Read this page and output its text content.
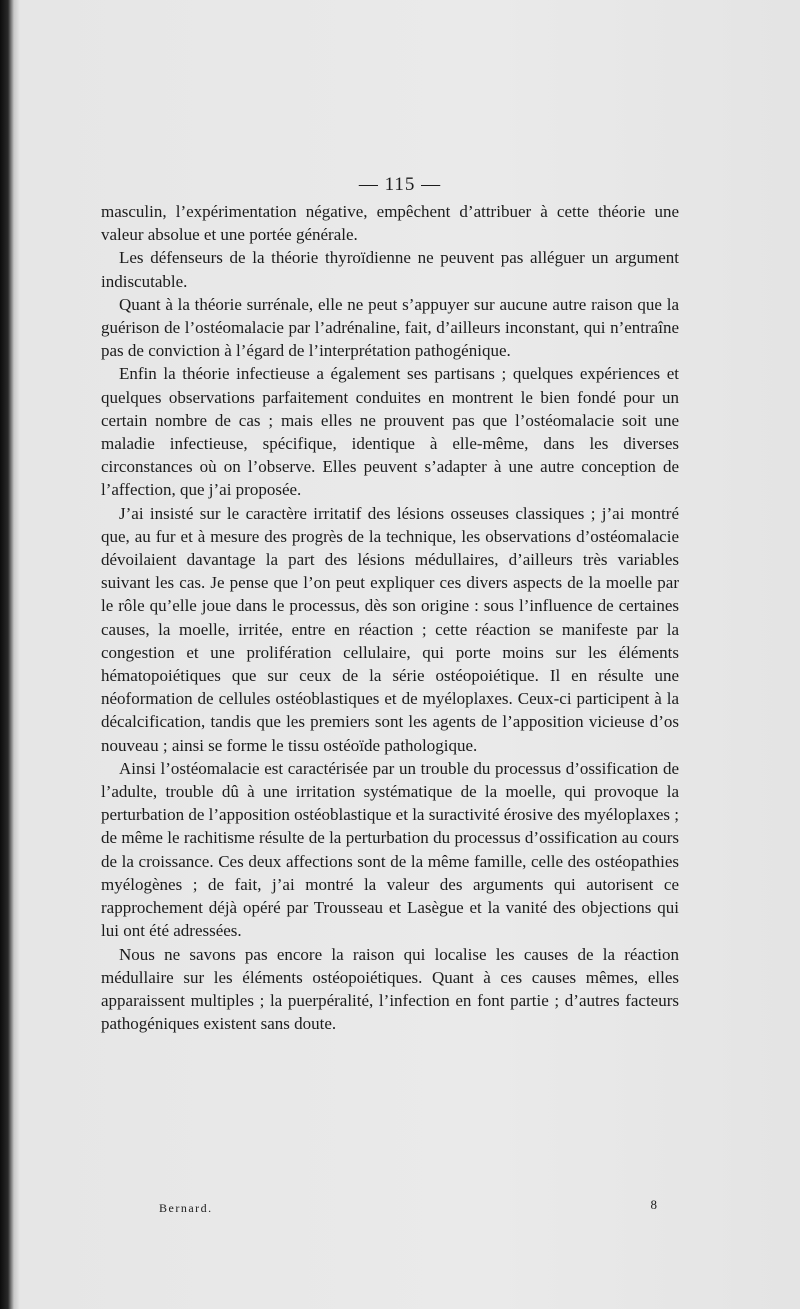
— 115 —

masculin, l’expérimentation négative, empêchent d’attribuer à cette théorie une valeur absolue et une portée générale.

Les défenseurs de la théorie thyroïdienne ne peuvent pas alléguer un argument indiscutable.

Quant à la théorie surrénale, elle ne peut s’appuyer sur aucune autre raison que la guérison de l’ostéomalacie par l’adrénaline, fait, d’ailleurs inconstant, qui n’entraîne pas de conviction à l’égard de l’interprétation pathogénique.

Enfin la théorie infectieuse a également ses partisans ; quelques expériences et quelques observations parfaitement conduites en montrent le bien fondé pour un certain nombre de cas ; mais elles ne prouvent pas que l’ostéomalacie soit une maladie infectieuse, spécifique, identique à elle-même, dans les diverses circonstances où on l’observe. Elles peuvent s’adapter à une autre conception de l’affection, que j’ai proposée.

J’ai insisté sur le caractère irritatif des lésions osseuses classiques ; j’ai montré que, au fur et à mesure des progrès de la technique, les observations d’ostéomalacie dévoilaient davantage la part des lésions médullaires, d’ailleurs très variables suivant les cas. Je pense que l’on peut expliquer ces divers aspects de la moelle par le rôle qu’elle joue dans le processus, dès son origine : sous l’influence de certaines causes, la moelle, irritée, entre en réaction ; cette réaction se manifeste par la congestion et une prolifération cellulaire, qui porte moins sur les éléments hématopoiétiques que sur ceux de la série ostéopoiétique. Il en résulte une néoformation de cellules ostéoblastiques et de myéloplaxes. Ceux-ci participent à la décalcification, tandis que les premiers sont les agents de l’apposition vicieuse d’os nouveau ; ainsi se forme le tissu ostéoïde pathologique.

Ainsi l’ostéomalacie est caractérisée par un trouble du processus d’ossification de l’adulte, trouble dû à une irritation systématique de la moelle, qui provoque la perturbation de l’apposition ostéoblastique et la suractivité érosive des myéloplaxes ; de même le rachitisme résulte de la perturbation du processus d’ossification au cours de la croissance. Ces deux affections sont de la même famille, celle des ostéopathies myélogènes ; de fait, j’ai montré la valeur des arguments qui autorisent ce rapprochement déjà opéré par Trousseau et Lasègue et la vanité des objections qui lui ont été adressées.

Nous ne savons pas encore la raison qui localise les causes de la réaction médullaire sur les éléments ostéopoiétiques. Quant à ces causes mêmes, elles apparaissent multiples ; la puerpéralité, l’infection en font partie ; d’autres facteurs pathogéniques existent sans doute.

Bernard.	8
